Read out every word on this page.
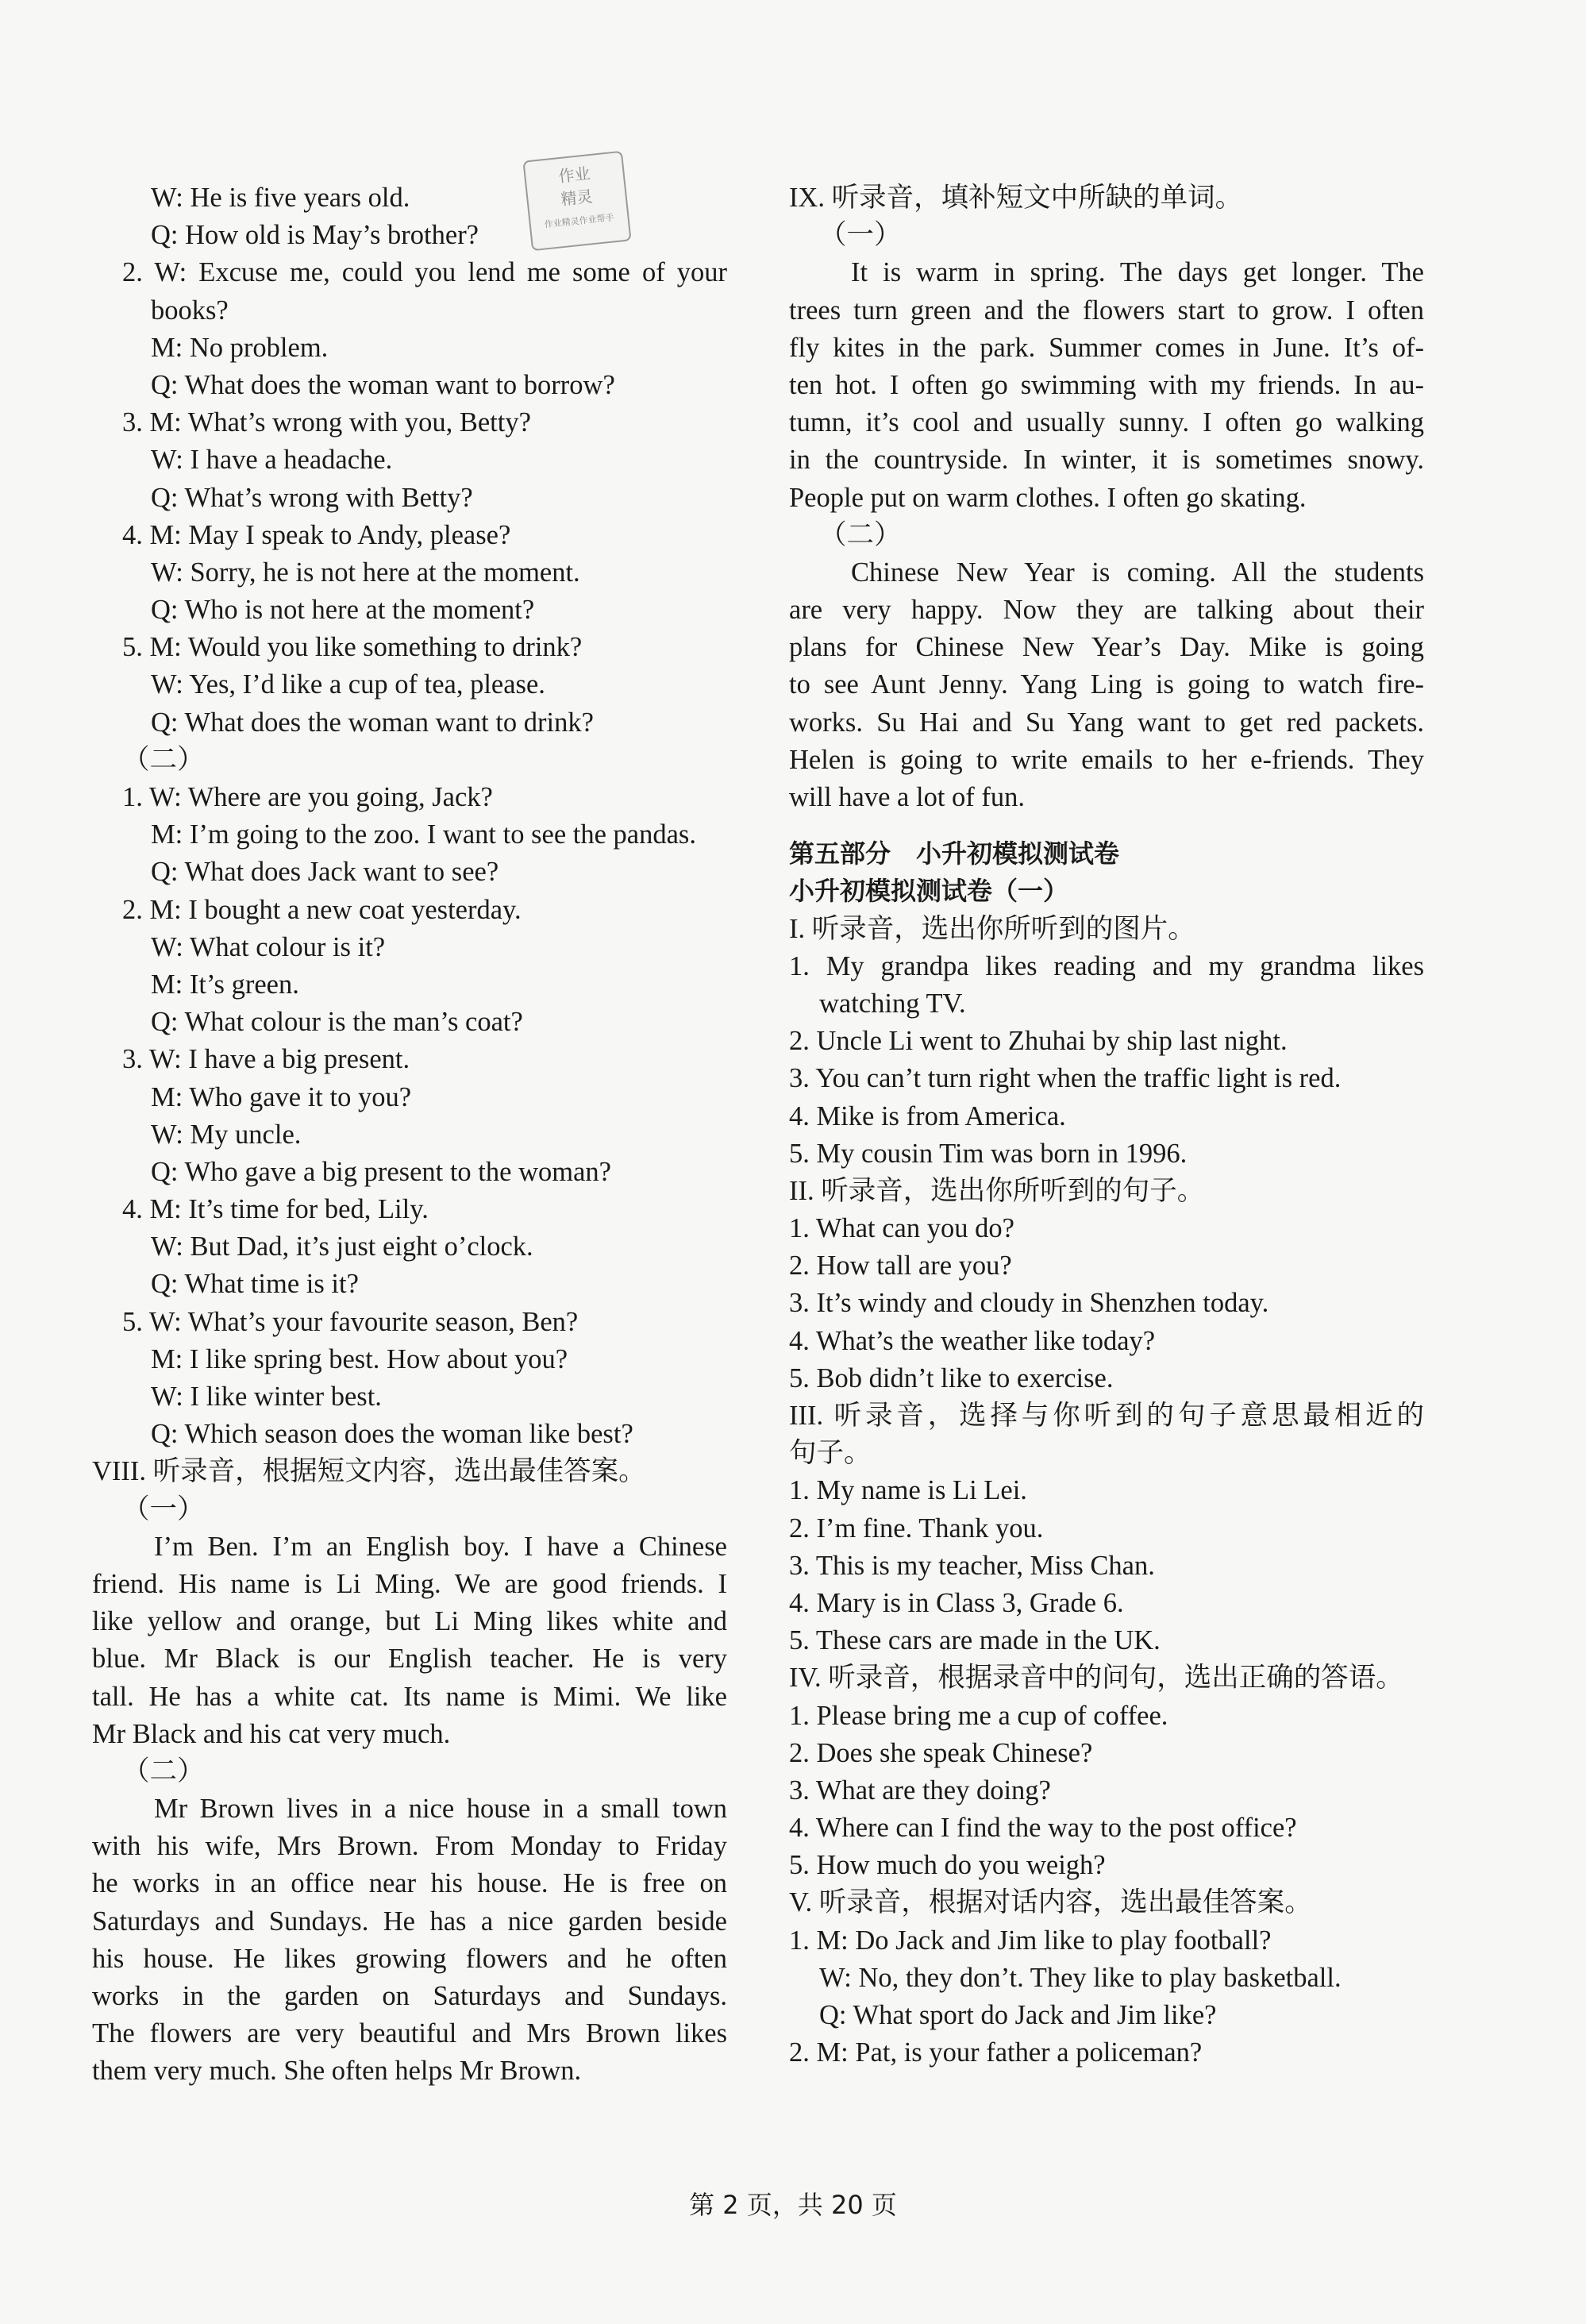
作业
精灵
作业精灵作业帮手
W: He is five years old.
Q: How old is May’s brother?
2. W: Excuse me, could you lend me some of your
books?
M: No problem.
Q: What does the woman want to borrow?
3. M: What’s wrong with you, Betty?
W: I have a headache.
Q: What’s wrong with Betty?
4. M: May I speak to Andy, please?
W: Sorry, he is not here at the moment.
Q: Who is not here at the moment?
5. M: Would you like something to drink?
W: Yes, I’d like a cup of tea, please.
Q: What does the woman want to drink?
（二）
1. W: Where are you going, Jack?
M: I’m going to the zoo. I want to see the pandas.
Q: What does Jack want to see?
2. M: I bought a new coat yesterday.
W: What colour is it?
M: It’s green.
Q: What colour is the man’s coat?
3. W: I have a big present.
M: Who gave it to you?
W: My uncle.
Q: Who gave a big present to the woman?
4. M: It’s time for bed, Lily.
W: But Dad, it’s just eight o’clock.
Q: What time is it?
5. W: What’s your favourite season, Ben?
M: I like spring best. How about you?
W: I like winter best.
Q: Which season does the woman like best?
VIII. 听录音，根据短文内容，选出最佳答案。
（一）
I’m Ben. I’m an English boy. I have a Chinese
friend. His name is Li Ming. We are good friends. I
like yellow and orange, but Li Ming likes white and
blue. Mr Black is our English teacher. He is very
tall. He has a white cat. Its name is Mimi. We like
Mr Black and his cat very much.
（二）
Mr Brown lives in a nice house in a small town
with his wife, Mrs Brown. From Monday to Friday
he works in an office near his house. He is free on
Saturdays and Sundays. He has a nice garden beside
his house. He likes growing flowers and he often
works in the garden on Saturdays and Sundays.
The flowers are very beautiful and Mrs Brown likes
them very much. She often helps Mr Brown.
IX. 听录音，填补短文中所缺的单词。
（一）
It is warm in spring. The days get longer. The
trees turn green and the flowers start to grow. I often
fly kites in the park. Summer comes in June. It’s of-
ten hot. I often go swimming with my friends. In au-
tumn, it’s cool and usually sunny. I often go walking
in the countryside. In winter, it is sometimes snowy.
People put on warm clothes. I often go skating.
（二）
Chinese New Year is coming. All the students
are very happy. Now they are talking about their
plans for Chinese New Year’s Day. Mike is going
to see Aunt Jenny. Yang Ling is going to watch fire-
works. Su Hai and Su Yang want to get red packets.
Helen is going to write emails to her e-friends. They
will have a lot of fun.
第五部分　小升初模拟测试卷
小升初模拟测试卷（一）
I. 听录音，选出你所听到的图片。
1. My grandpa likes reading and my grandma likes
watching TV.
2. Uncle Li went to Zhuhai by ship last night.
3. You can’t turn right when the traffic light is red.
4. Mike is from America.
5. My cousin Tim was born in 1996.
II. 听录音，选出你所听到的句子。
1. What can you do?
2. How tall are you?
3. It’s windy and cloudy in Shenzhen today.
4. What’s the weather like today?
5. Bob didn’t like to exercise.
III. 听录音，选择与你听到的句子意思最相近的
句子。
1. My name is Li Lei.
2. I’m fine. Thank you.
3. This is my teacher, Miss Chan.
4. Mary is in Class 3, Grade 6.
5. These cars are made in the UK.
IV. 听录音，根据录音中的问句，选出正确的答语。
1. Please bring me a cup of coffee.
2. Does she speak Chinese?
3. What are they doing?
4. Where can I find the way to the post office?
5. How much do you weigh?
V. 听录音，根据对话内容，选出最佳答案。
1. M: Do Jack and Jim like to play football?
W: No, they don’t. They like to play basketball.
Q: What sport do Jack and Jim like?
2. M: Pat, is your father a policeman?
第 2 页，共 20 页
